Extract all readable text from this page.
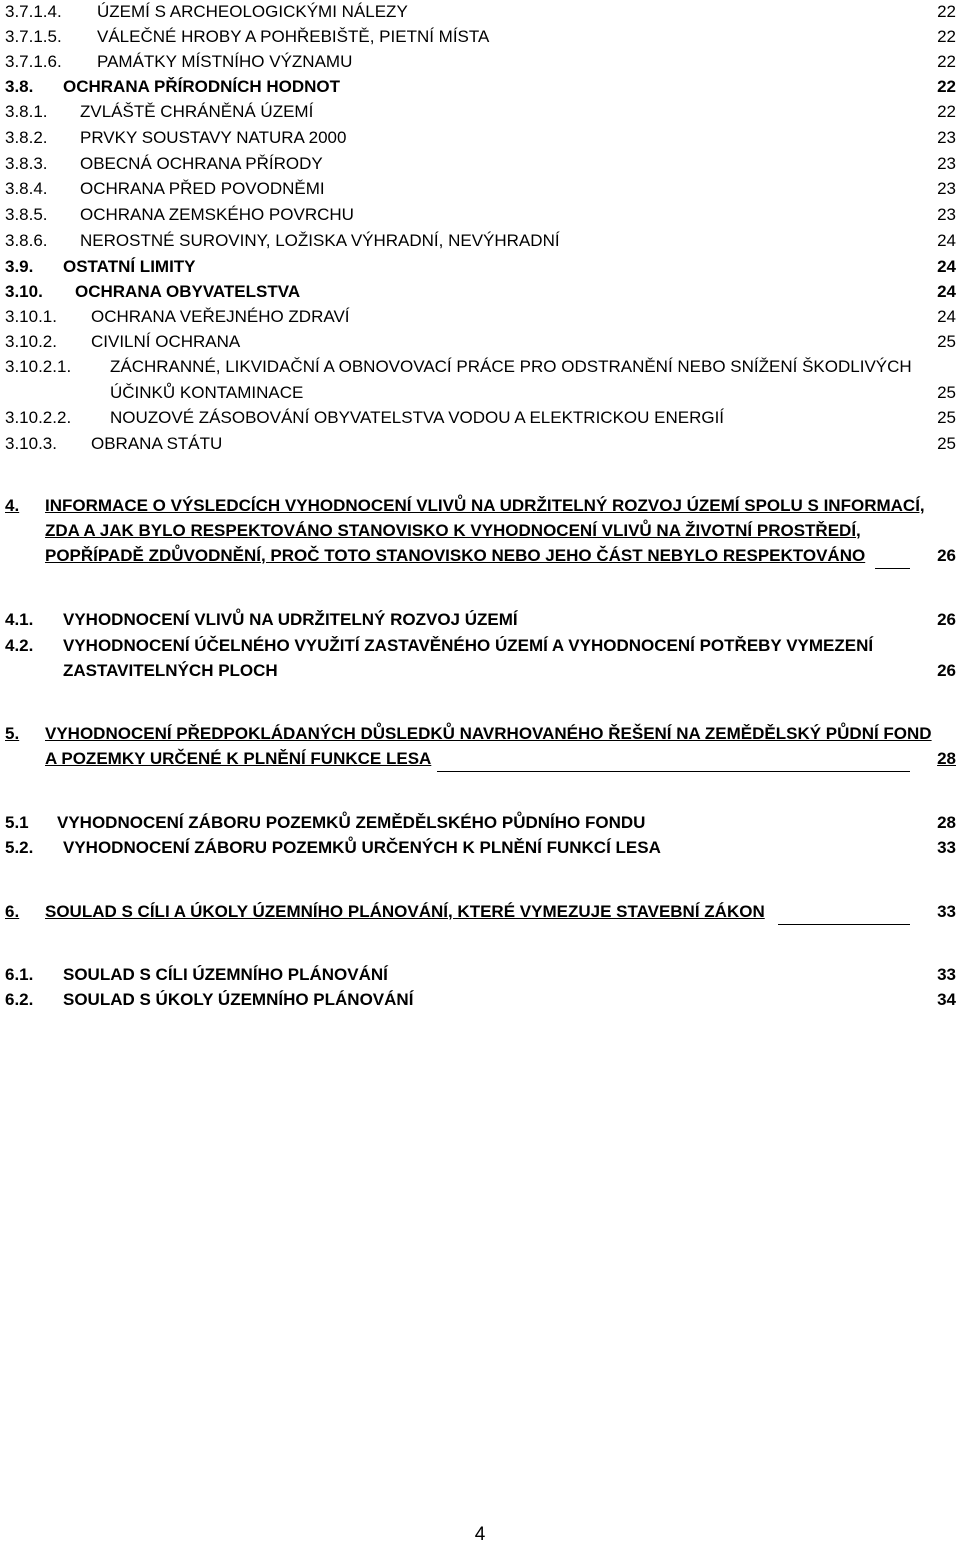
3.7.1.4. ÚZEMÍ S ARCHEOLOGICKÝMI NÁLEZY	22
3.7.1.5. VÁLEČNÉ HROBY A POHŘEBIŠTĚ, PIETNÍ MÍSTA	22
3.7.1.6. PAMÁTKY MÍSTNÍHO VÝZNAMU	22
3.8. OCHRANA PŘÍRODNÍCH HODNOT	22
3.8.1. ZVLÁŠTĚ CHRÁNĚNÁ ÚZEMÍ	22
3.8.2. PRVKY SOUSTAVY NATURA 2000	23
3.8.3. OBECNÁ OCHRANA PŘÍRODY	23
3.8.4. OCHRANA PŘED POVODNĚMI	23
3.8.5. OCHRANA ZEMSKÉHO POVRCHU	23
3.8.6. NEROSTNÉ SUROVINY, LOŽISKA VÝHRADNÍ, NEVÝHRADNÍ	24
3.9. OSTATNÍ LIMITY	24
3.10. OCHRANA OBYVATELSTVA	24
3.10.1. OCHRANA VEŘEJNÉHO ZDRAVÍ	24
3.10.2. CIVILNÍ OCHRANA	25
3.10.2.1. ZÁCHRANNÉ, LIKVIDAČNÍ A OBNOVOVACÍ PRÁCE PRO ODSTRANĚNÍ NEBO SNÍŽENÍ ŠKODLIVÝCH
ÚČINKŮ KONTAMINACE	25
3.10.2.2. NOUZOVÉ ZÁSOBOVÁNÍ OBYVATELSTVA VODOU A ELEKTRICKOU ENERGIÍ	25
3.10.3. OBRANA STÁTU	25
4. INFORMACE O VÝSLEDCÍCH VYHODNOCENÍ VLIVŮ NA UDRŽITELNÝ ROZVOJ ÚZEMÍ SPOLU S INFORMACÍ,
ZDA A JAK BYLO RESPEKTOVÁNO STANOVISKO K VYHODNOCENÍ VLIVŮ NA ŽIVOTNÍ PROSTŘEDÍ,
POPŘÍPADĚ ZDŮVODNĚNÍ, PROČ TOTO STANOVISKO NEBO JEHO ČÁST NEBYLO RESPEKTOVÁNO	26
4.1. VYHODNOCENÍ VLIVŮ NA UDRŽITELNÝ ROZVOJ ÚZEMÍ	26
4.2. VYHODNOCENÍ ÚČELNÉHO VYUŽITÍ ZASTAVĚNÉHO ÚZEMÍ A VYHODNOCENÍ POTŘEBY VYMEZENÍ
ZASTAVITELNÝCH PLOCH	26
5. VYHODNOCENÍ PŘEDPOKLÁDANÝCH DŮSLEDKŮ NAVRHOVANÉHO ŘEŠENÍ NA ZEMĚDĚLSKÝ PŮDNÍ FOND
A POZEMKY URČENÉ K PLNĚNÍ FUNKCE LESA	28
5.1 VYHODNOCENÍ ZÁBORU POZEMKŮ ZEMĚDĚLSKÉHO PŮDNÍHO FONDU	28
5.2. VYHODNOCENÍ ZÁBORU POZEMKŮ URČENÝCH K PLNĚNÍ FUNKCÍ LESA	33
6. SOULAD S CÍLI A ÚKOLY ÚZEMNÍHO PLÁNOVÁNÍ, KTERÉ VYMEZUJE STAVEBNÍ ZÁKON	33
6.1. SOULAD S CÍLI ÚZEMNÍHO PLÁNOVÁNÍ	33
6.2. SOULAD S ÚKOLY ÚZEMNÍHO PLÁNOVÁNÍ	34
4
